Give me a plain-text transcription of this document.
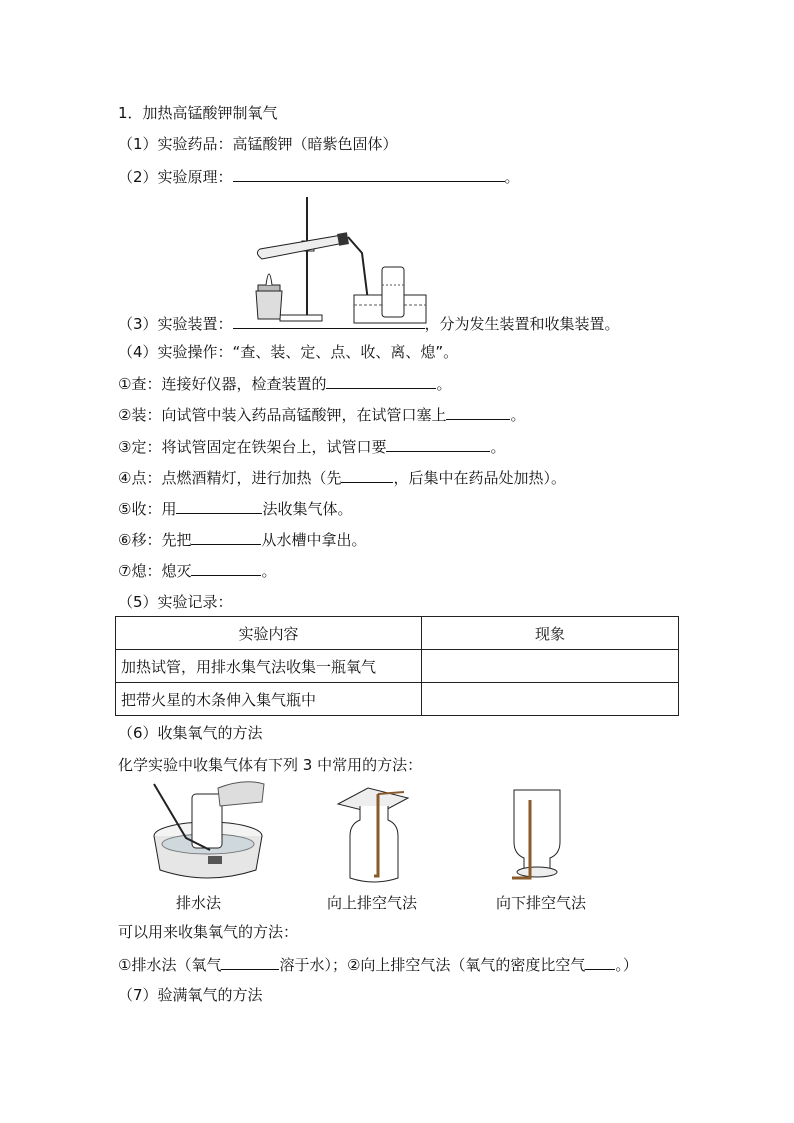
1．加热高锰酸钾制氧气
（1）实验药品：高锰酸钾（暗紫色固体）
（2）实验原理：	。
（3）实验装置：	，分为发生装置和收集装置。
（4）实验操作：“查、装、定、点、收、离、熄”。
①查：连接好仪器，检查装置的	。
②装：向试管中装入药品高锰酸钾，在试管口塞上	。
③定：将试管固定在铁架台上，试管口要	。
④点：点燃酒精灯，进行加热（先	，后集中在药品处加热）。
⑤收：用	法收集气体。
⑥移：先把	从水槽中拿出。
⑦熄：熄灭	。
（5）实验记录：
实验内容	现象
加热试管，用排水集气法收集一瓶氧气	
把带火星的木条伸入集气瓶中	
（6）收集氧气的方法
化学实验中收集气体有下列 3 中常用的方法：
排水法	向上排空气法	向下排空气法
可以用来收集氧气的方法：
①排水法（氧气	溶于水）；②向上排空气法（氧气的密度比空气 。）
（7）验满氧气的方法
